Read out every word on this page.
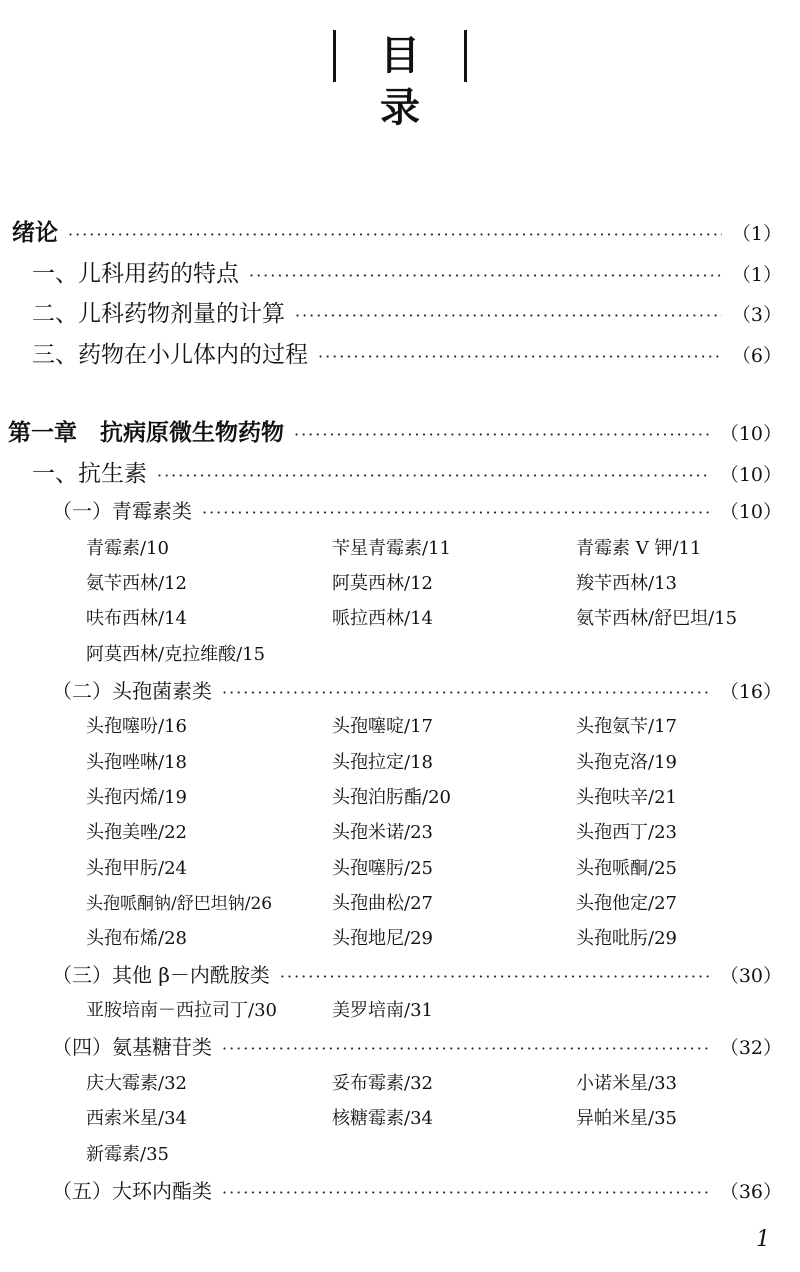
目录
绪论 ·····	（1）
一、儿科用药的特点 ·····	（1）
二、儿科药物剂量的计算 ·····	（3）
三、药物在小儿体内的过程 ·····	（6）
第一章　抗病原微生物药物 ·····	（10）
一、抗生素 ·····	（10）
（一）青霉素类 ·····	（10）
青霉素/10	苄星青霉素/11	青霉素 V 钾/11
氨苄西林/12	阿莫西林/12	羧苄西林/13
呋布西林/14	哌拉西林/14	氨苄西林/舒巴坦/15
阿莫西林/克拉维酸/15
（二）头孢菌素类 ·····	（16）
头孢噻吩/16	头孢噻啶/17	头孢氨苄/17
头孢唑啉/18	头孢拉定/18	头孢克洛/19
头孢丙烯/19	头孢泊肟酯/20	头孢呋辛/21
头孢美唑/22	头孢米诺/23	头孢西丁/23
头孢甲肟/24	头孢噻肟/25	头孢哌酮/25
头孢哌酮钠/舒巴坦钠/26	头孢曲松/27	头孢他定/27
头孢布烯/28	头孢地尼/29	头孢吡肟/29
（三）其他 β－内酰胺类 ·····	（30）
亚胺培南－西拉司丁/30	美罗培南/31
（四）氨基糖苷类 ·····	（32）
庆大霉素/32	妥布霉素/32	小诺米星/33
西索米星/34	核糖霉素/34	异帕米星/35
新霉素/35
（五）大环内酯类 ·····	（36）
1
